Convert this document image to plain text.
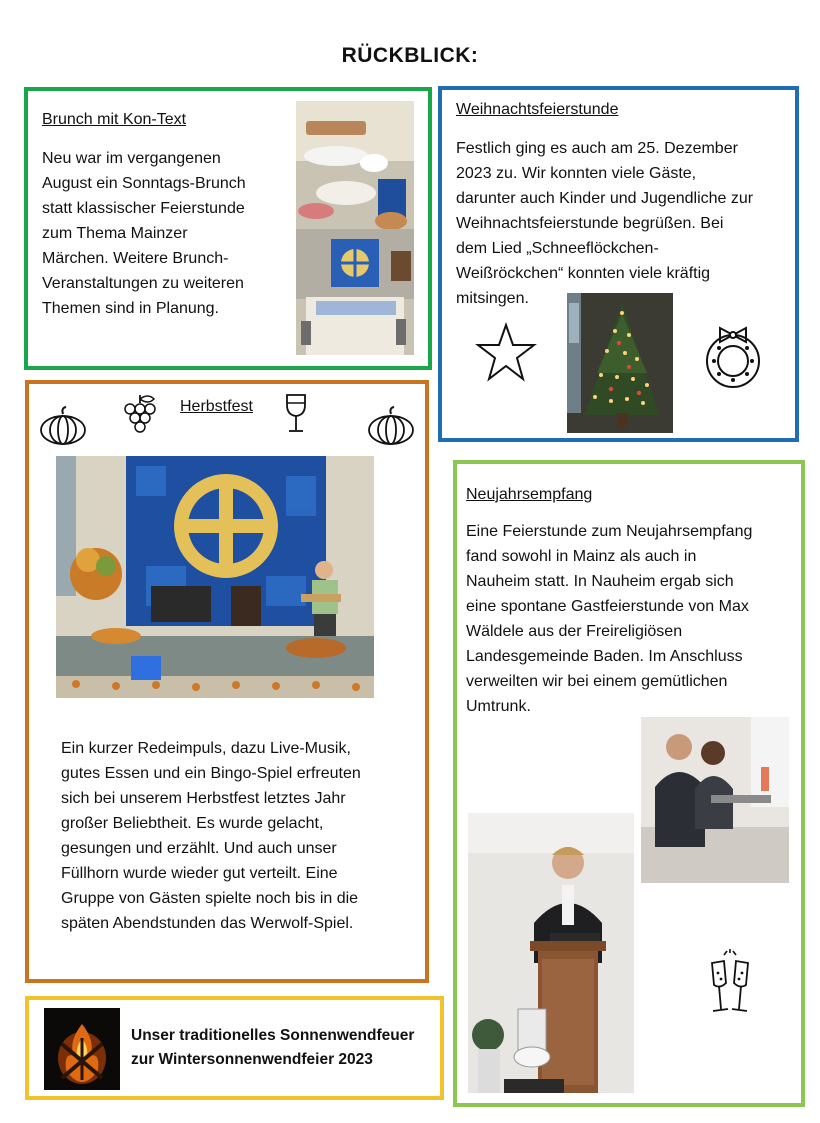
RÜCKBLICK:
Brunch mit Kon-Text
Neu war im vergangenen
August ein Sonntags-Brunch
statt klassischer Feierstunde
zum Thema Mainzer
Märchen. Weitere Brunch-
Veranstaltungen zu weiteren
Themen sind in Planung.
Weihnachtsfeierstunde
Festlich ging es auch am 25. Dezember
2023 zu. Wir konnten viele Gäste,
darunter auch Kinder und Jugendliche zur
Weihnachtsfeierstunde begrüßen. Bei
dem Lied „Schneeflöckchen-
Weißröckchen“ konnten viele kräftig
mitsingen.
Herbstfest
Ein kurzer Redeimpuls, dazu Live-Musik,
gutes Essen und ein Bingo-Spiel erfreuten
sich bei unserem Herbstfest letztes Jahr
großer Beliebtheit. Es wurde gelacht,
gesungen und erzählt. Und auch unser
Füllhorn wurde wieder gut verteilt. Eine
Gruppe von Gästen spielte noch bis in die
späten Abendstunden das Werwolf-Spiel.
Neujahrsempfang
Eine Feierstunde zum Neujahrsempfang
fand sowohl in Mainz als auch in
Nauheim statt. In Nauheim ergab sich
eine spontane Gastfeierstunde von Max
Wäldele aus der Freireligiösen
Landesgemeinde Baden. Im Anschluss
verweilten wir bei einem gemütlichen
Umtrunk.
Unser traditionelles Sonnenwendfeuer
zur Wintersonnenwendfeier 2023
